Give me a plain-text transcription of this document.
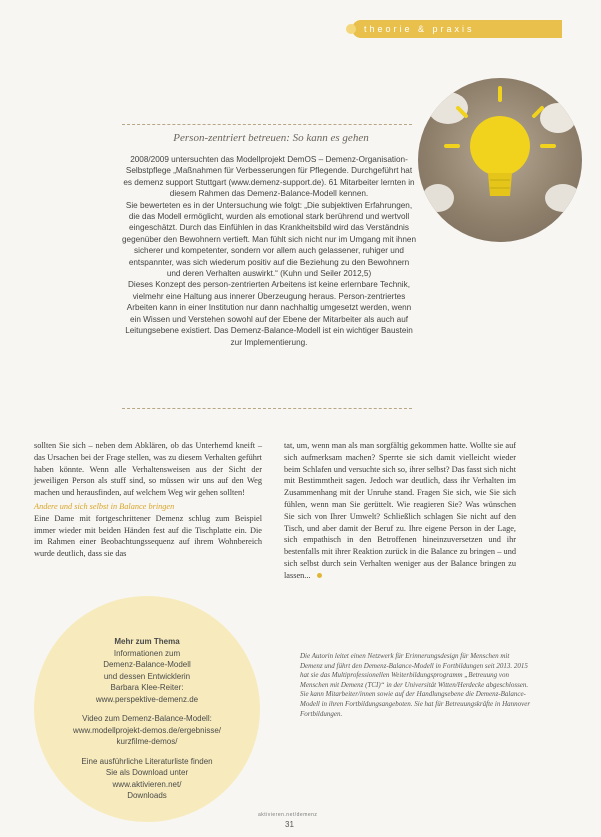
theorie & praxis
Person-zentriert betreuen: So kann es gehen

2008/2009 untersuchten das Modellprojekt DemOS – Demenz-Organisation-Selbstpflege „Maßnahmen für Verbesserungen für Pflegende. Durchgeführt hat es demenz support Stuttgart (www.demenz-support.de). 61 Mitarbeiter lernten in diesem Rahmen das Demenz-Balance-Modell kennen.

Sie bewerteten es in der Untersuchung wie folgt: „Die subjektiven Erfahrungen, die das Modell ermöglicht, wurden als emotional stark berührend und wertvoll eingeschätzt. Durch das Einfühlen in das Krankheitsbild wird das Verständnis gegenüber den Bewohnern vertieft. Man fühlt sich nicht nur im Umgang mit ihnen sicherer und kompetenter, sondern vor allem auch gelassener, ruhiger und entspannter, was sich wiederum positiv auf die Beziehung zu den Bewohnern und deren Verhalten auswirkt.“ (Kuhn und Seiler 2012,5)

Dieses Konzept des person-zentrierten Arbeitens ist keine erlernbare Technik, vielmehr eine Haltung aus innerer Überzeugung heraus. Person-zentriertes Arbeiten kann in einer Institution nur dann nachhaltig umgesetzt werden, wenn ein Wissen und Verstehen sowohl auf der Ebene der Mitarbeiter als auch auf Leitungsebene existiert. Das Demenz-Balance-Modell ist ein wichtiger Baustein zur Implementierung.

sollten Sie sich – neben dem Abklären, ob das Unterhemd kneift – das Ursachen bei der Frage stellen, was zu diesem Verhalten geführt haben könnte. Wenn alle Verhaltensweisen aus der Sicht der jeweiligen Person als stuff sind, so müssen wir uns auf den Weg machen und herausfinden, auf welchem Weg wir gehen sollten!

Andere und sich selbst in Balance bringen

Eine Dame mit fortgeschrittener Demenz schlug zum Beispiel immer wieder mit beiden Händen fest auf die Tischplatte ein. Die im Rahmen einer Beobachtungssequenz auf ihrem Wohnbereich wurde deutlich, dass sie das

tat, um, wenn man als man sorgfältig gekommen hatte. Wollte sie auf sich aufmerksam machen? Sperrte sie sich damit vielleicht wieder beim Schlafen und versuchte sich so, ihrer selbst? Das fasst sich nicht mit Bestimmtheit sagen. Jedoch war deutlich, dass ihr Verhalten im Zusammenhang mit der Unruhe stand. Fragen Sie sich, wie Sie sich fühlen, wenn man Sie gerüttelt. Wie reagieren Sie? Was wünschen Sie sich von Ihrer Umwelt? Schließlich schlagen Sie nicht auf den Tisch, und aber damit der Beruf zu. Ihre eigene Person in der Lage, sich empathisch in den Betroffenen hineinzuversetzen und ihr bestenfalls mit ihrer Reaktion zurück in die Balance zu bringen – und sich selbst durch sein Verhalten weniger aus der Balance bringen zu lassen...

Mehr zum Thema

Informationen zum

Demenz-Balance-Modell

und dessen Entwicklerin

Barbara Klee-Reiter:

www.perspektive-demenz.de

Video zum Demenz-Balance-Modell:

www.modellprojekt-demos.de/ergebnisse/

kurzfilme-demos/

Eine ausführliche Literaturliste finden

Sie als Download unter

www.aktivieren.net/

Downloads

Die Autorin leitet einen Netzwerk für Erinnerungsdesign für Menschen mit Demenz und führt den Demenz-Balance-Modell in Fortbildungen seit 2013. 2015 hat sie das Multiprofessionellen Weiterbildungsprogramm „Betreuung von Menschen mit Demenz (TCI)“ in der Universität Witten/Herdecke abgeschlossen. Sie kann Mitarbeiter/innen sowie auf der Handlungsebene die Demenz-Balance-Modell in ihren Fortbildungsangeboten. Sie hat für Betreuungskräfte in Hannover Fortbildungen.

aktivieren.net/demenz
31
